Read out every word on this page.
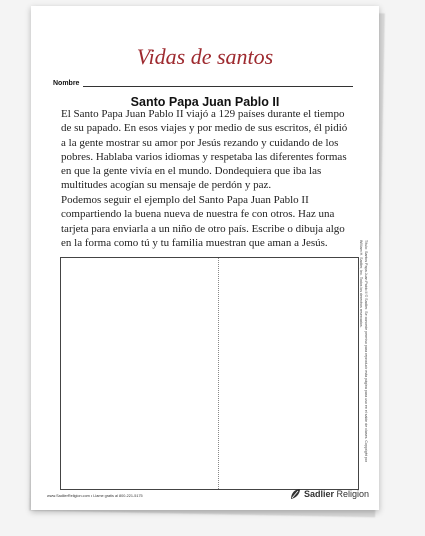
Vidas de santos
Nombre
Santo Papa Juan Pablo II

El Santo Papa Juan Pablo II viajó a 129 países durante el tiempo de su papado. En esos viajes y por medio de sus escritos, él pidió a la gente mostrar su amor por Jesús rezando y cuidando de los pobres. Hablaba varios idiomas y respetaba las diferentes formas en que la gente vivía en el mundo. Dondequiera que iba las multitudes acogían su mensaje de perdón y paz.

Podemos seguir el ejemplo del Santo Papa Juan Pablo II compartiendo la buena nueva de nuestra fe con otros. Haz una tarjeta para enviarla a un niño de otro país. Escribe o dibuja algo en la forma como tú y tu familia muestran que aman a Jesús.	Título: Santos Papa Juan Pablo II © Sadlier. Se concede permiso para reproducir esta página para uso en el salón de clases. Copyright por William H. Sadlier, Inc. Todos los derechos reservados.
www.SadlierReligion.com • Llame gratis al 800-221-5175	Sadlier Religion
